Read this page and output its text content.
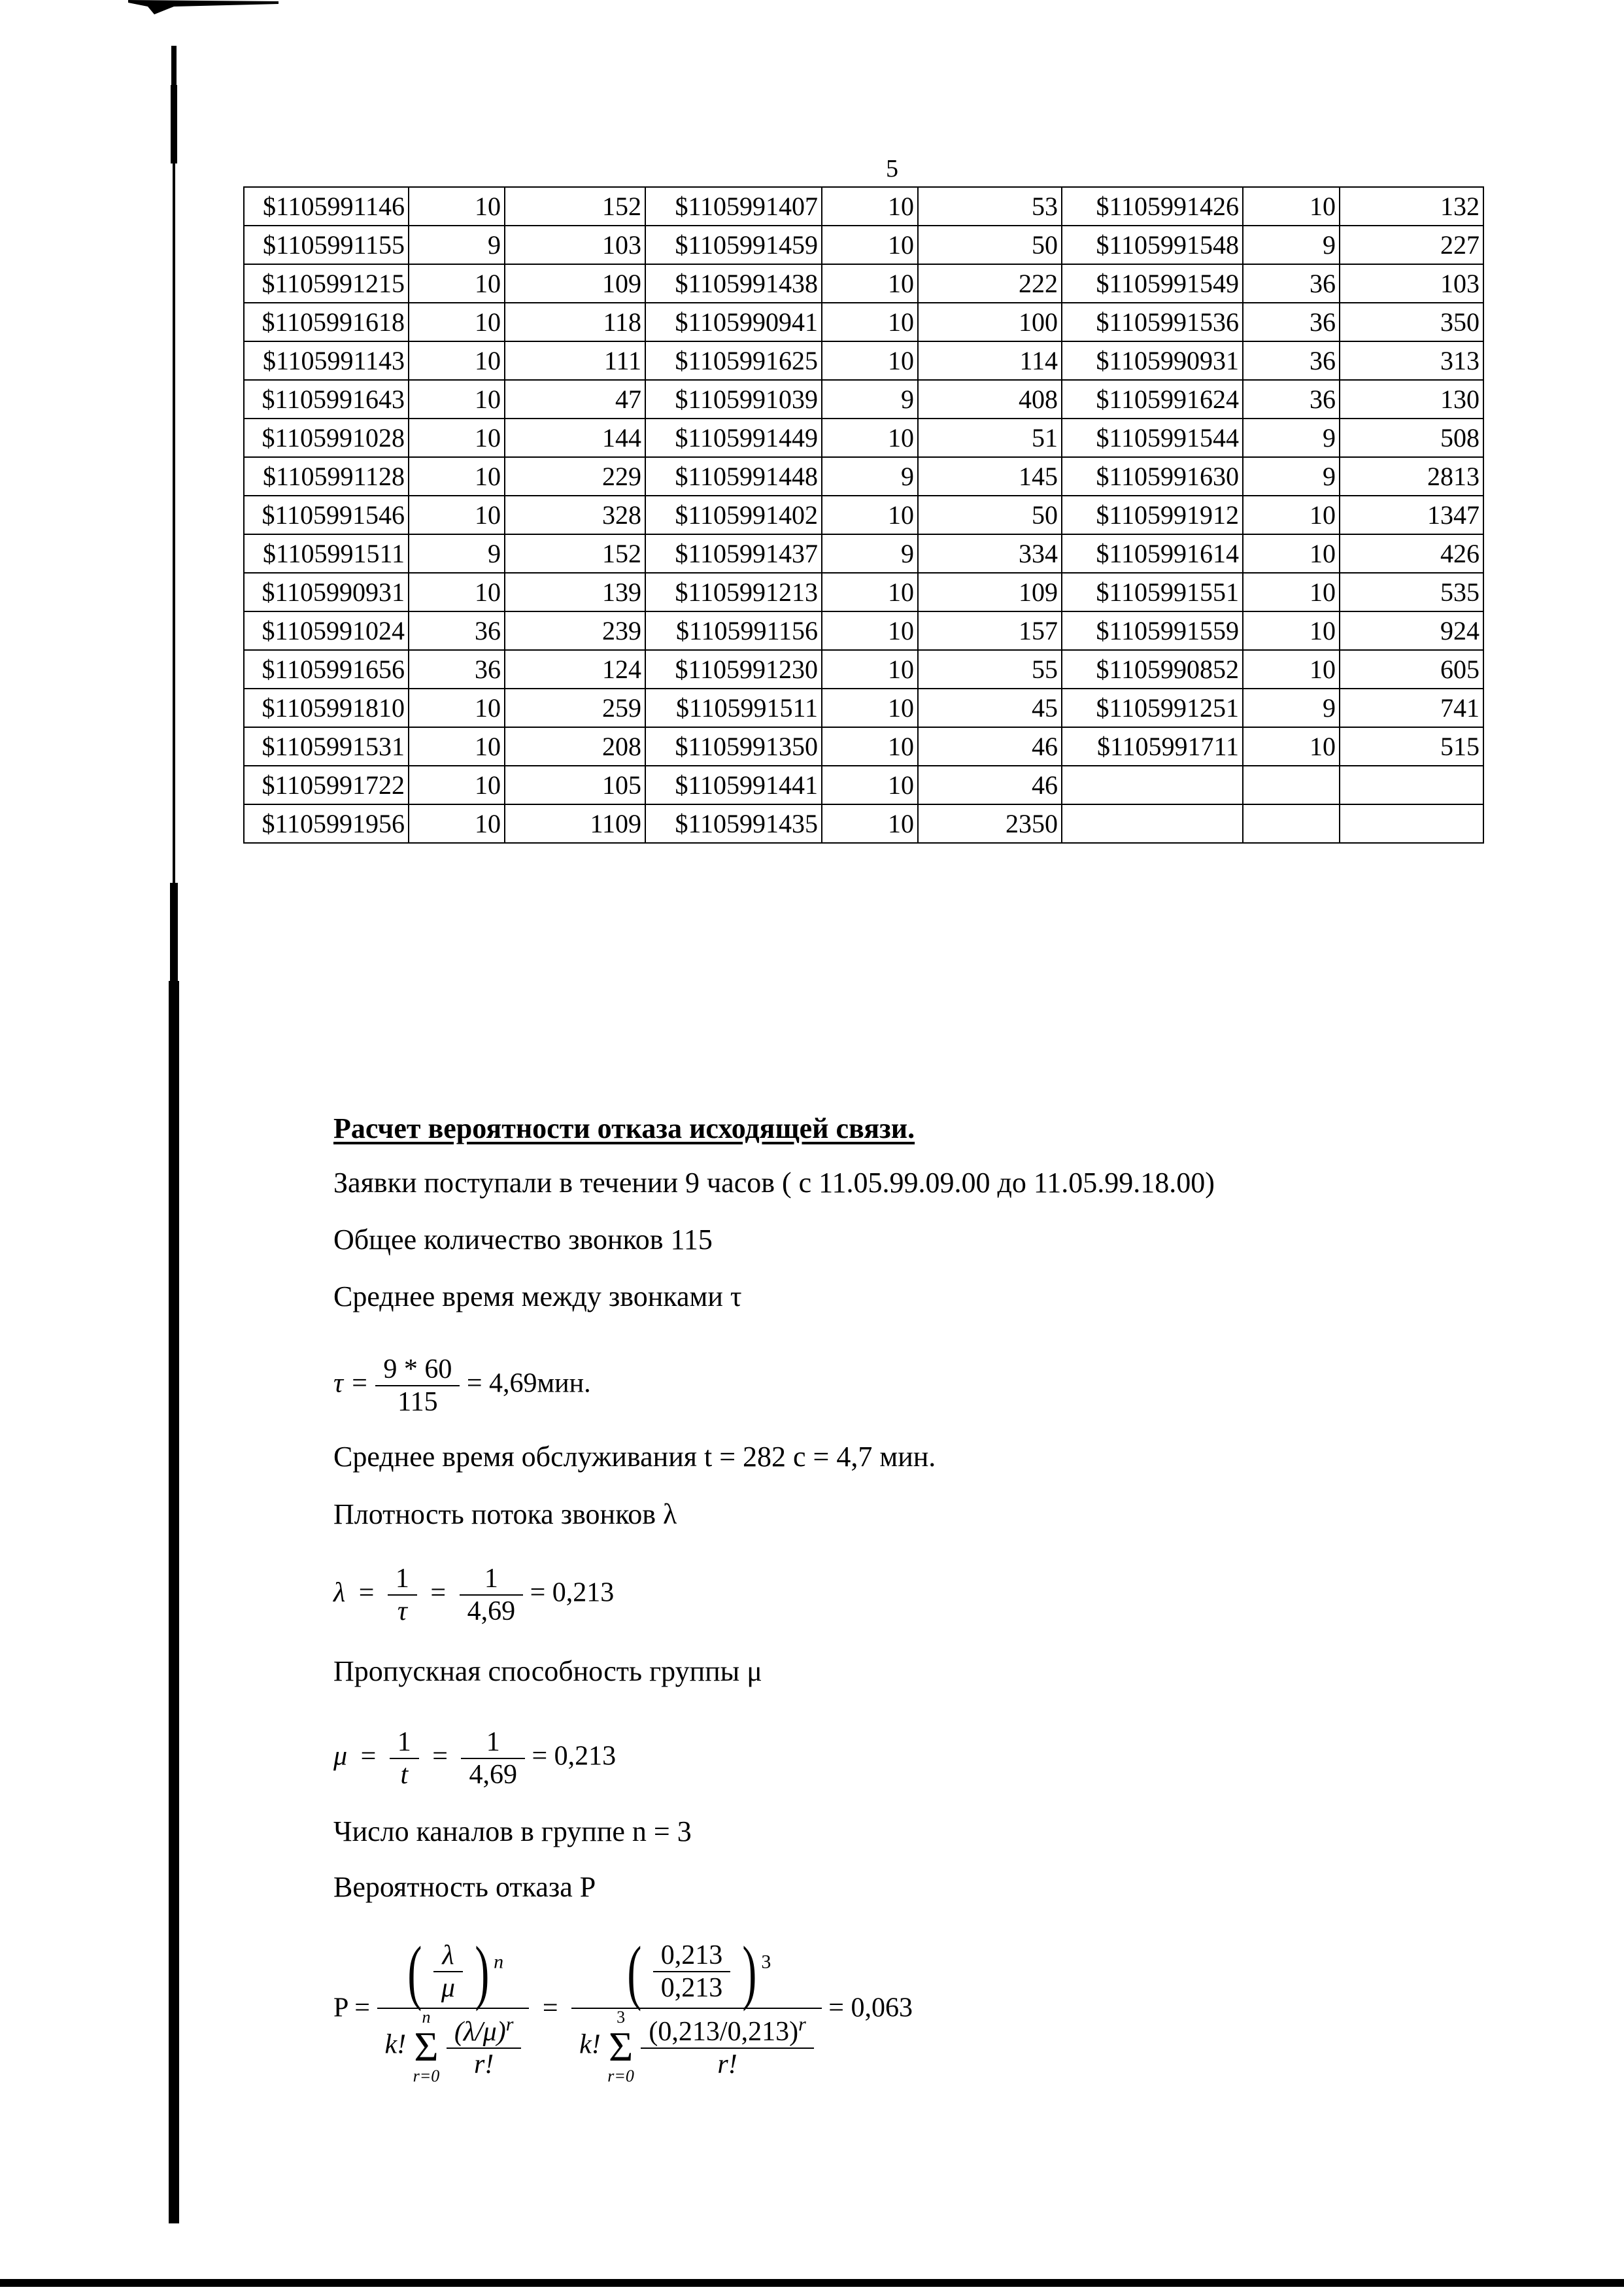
5
$1105991146	10	152	$1105991407	10	53	$1105991426	10	132
$1105991155	9	103	$1105991459	10	50	$1105991548	9	227
$1105991215	10	109	$1105991438	10	222	$1105991549	36	103
$1105991618	10	118	$1105990941	10	100	$1105991536	36	350
$1105991143	10	111	$1105991625	10	114	$1105990931	36	313
$1105991643	10	47	$1105991039	9	408	$1105991624	36	130
$1105991028	10	144	$1105991449	10	51	$1105991544	9	508
$1105991128	10	229	$1105991448	9	145	$1105991630	9	2813
$1105991546	10	328	$1105991402	10	50	$1105991912	10	1347
$1105991511	9	152	$1105991437	9	334	$1105991614	10	426
$1105990931	10	139	$1105991213	10	109	$1105991551	10	535
$1105991024	36	239	$1105991156	10	157	$1105991559	10	924
$1105991656	36	124	$1105991230	10	55	$1105990852	10	605
$1105991810	10	259	$1105991511	10	45	$1105991251	9	741
$1105991531	10	208	$1105991350	10	46	$1105991711	10	515
$1105991722	10	105	$1105991441	10	46			
$1105991956	10	1109	$1105991435	10	2350			
Расчет вероятности отказа исходящей связи.
Заявки поступали в течении 9 часов ( с 11.05.99.09.00 до 11.05.99.18.00)
Общее количество звонков 115
Среднее время между звонками τ
$\tau = \frac{9 * 60}{115} = 4,69мин$.
Среднее время обслуживания t = 282 с = 4,7 мин.
Плотность потока звонков λ
$\lambda = \frac{1}{\tau} = \frac{1}{4,69} = 0,213$
Пропускная способность группы μ
$\mu = \frac{1}{t} = \frac{1}{4,69} = 0,213$
Число каналов в группе n = 3
Вероятность отказа P
P = ( $\frac{\lambda}{\mu}$ ) $^n$
k!
n
Σ
r=0
$\frac{(\lambda/\mu)^r}{r!}$
= ( $\frac{0,213}{0,213}$ ) $^3$
k!
3
Σ
r=0
$\frac{(0,213/0,213)^r}{r!}$
= 0,063
